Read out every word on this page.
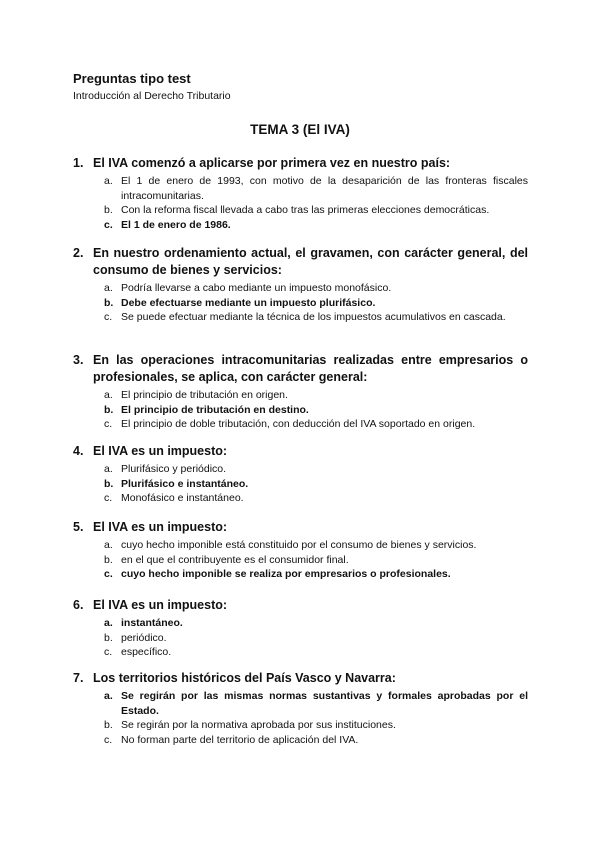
Preguntas tipo test
Introducción al Derecho Tributario
TEMA 3 (El IVA)
1. El IVA comenzó a aplicarse por primera vez en nuestro país:
a. El 1 de enero de 1993, con motivo de la desaparición de las fronteras fiscales intracomunitarias.
b. Con la reforma fiscal llevada a cabo tras las primeras elecciones democráticas.
c. El 1 de enero de 1986.
2. En nuestro ordenamiento actual, el gravamen, con carácter general, del consumo de bienes y servicios:
a. Podría llevarse a cabo mediante un impuesto monofásico.
b. Debe efectuarse mediante un impuesto plurifásico.
c. Se puede efectuar mediante la técnica de los impuestos acumulativos en cascada.
3. En las operaciones intracomunitarias realizadas entre empresarios o profesionales, se aplica, con carácter general:
a. El principio de tributación en origen.
b. El principio de tributación en destino.
c. El principio de doble tributación, con deducción del IVA soportado en origen.
4. El IVA es un impuesto:
a. Plurifásico y periódico.
b. Plurifásico e instantáneo.
c. Monofásico e instantáneo.
5. El IVA es un impuesto:
a. cuyo hecho imponible está constituido por el consumo de bienes y servicios.
b. en el que el contribuyente es el consumidor final.
c. cuyo hecho imponible se realiza por empresarios o profesionales.
6. El IVA es un impuesto:
a. instantáneo.
b. periódico.
c. específico.
7. Los territorios históricos del País Vasco y Navarra:
a. Se regirán por las mismas normas sustantivas y formales aprobadas por el Estado.
b. Se regirán por la normativa aprobada por sus instituciones.
c. No forman parte del territorio de aplicación del IVA.
